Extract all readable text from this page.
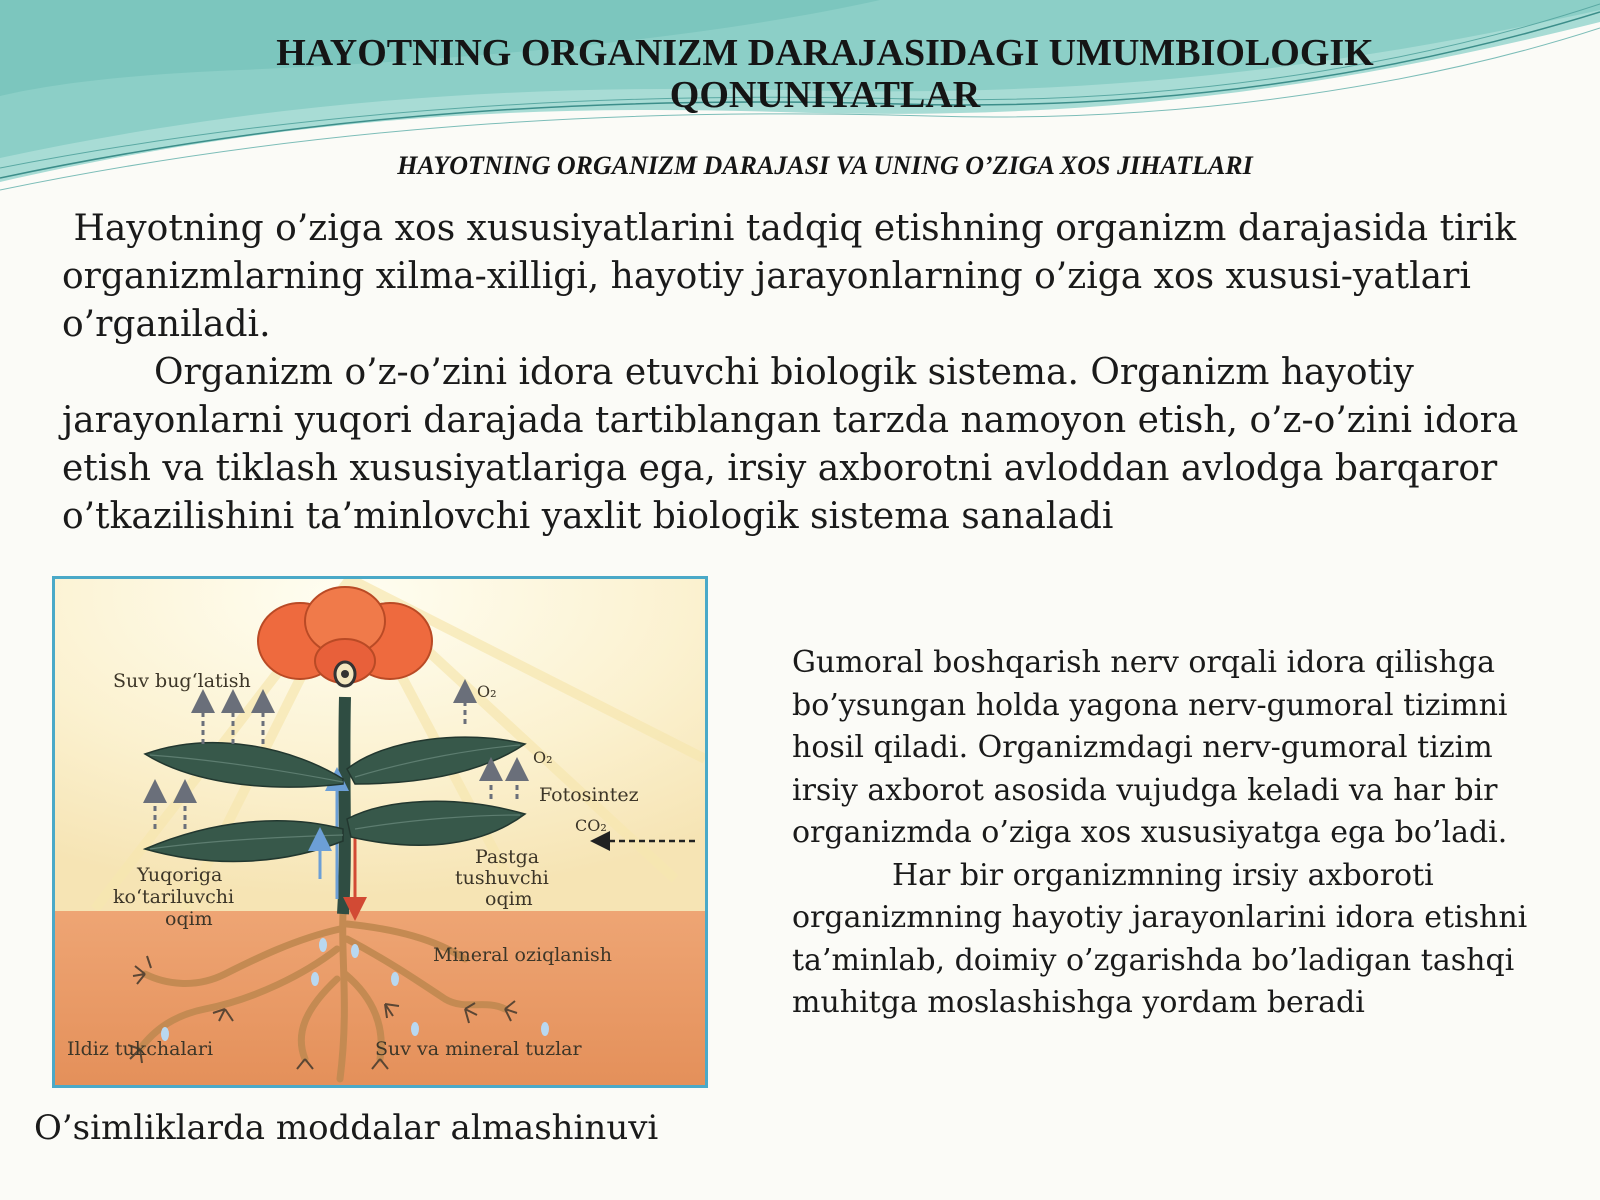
HAYOTNING ORGANIZM DARAJASIDAGI UMUMBIOLOGIK
QONUNIYATLAR
HAYOTNING ORGANIZM DARAJASI VA UNING O’ZIGA XOS JIHATLARI

Hayotning o’ziga xos xususiyatlarini tadqiq etishning organizm darajasida tirik organizmlarning xilma-xilligi, hayotiy jarayonlarning o’ziga xos xususi-yatlari o’rganiladi.

Organizm o’z-o’zini idora etuvchi biologik sistema. Organizm hayotiy jarayonlarni yuqori darajada tartiblangan tarzda namoyon etish, o’z-o’zini idora etish va tiklash xususiyatlariga ega, irsiy axborotni avloddan avlodga barqaror o’tkazilishini ta’minlovchi yaxlit biologik sistema sanaladi

Suv bug‘latish	O₂
O₂
Fotosintez
CO₂
Pastga
tushuvchi
oqim
Yuqoriga
ko‘tariluvchi
oqim
Mineral oziqlanish
Ildiz tukchalari	Suv va mineral tuzlar

O’simliklarda moddalar almashinuvi

Gumoral boshqarish nerv orqali idora qilishga bo’ysungan holda yagona nerv-gumoral tizimni hosil qiladi. Organizmdagi nerv-gumoral tizim irsiy axborot asosida vujudga keladi va har bir organizmda o’ziga xos xususiyatga ega bo’ladi.

Har bir organizmning irsiy axboroti organizmning hayotiy jarayonlarini idora etishni ta’minlab, doimiy o’zgarishda bo’ladigan tashqi muhitga moslashishga yordam beradi
